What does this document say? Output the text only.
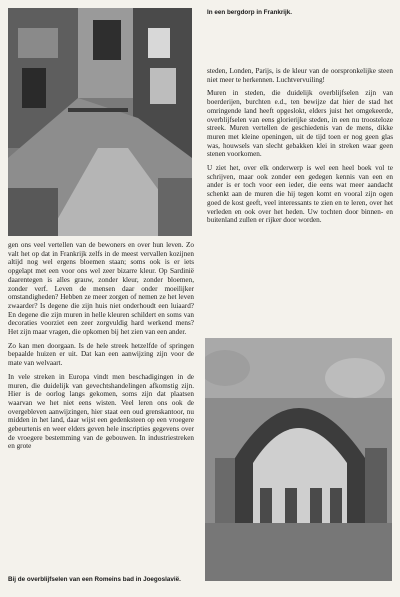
In een bergdorp in Frankrijk.

steden, Londen, Parijs, is de kleur van de oorspronkelijke steen niet meer te herkennen. Luchtvervuiling!

Muren in steden, die duidelijk overblijfselen zijn van boerderijen, burchten e.d., ten bewijze dat hier de stad het omringende land heeft opgeslokt, elders juist het omgekeerde, overblijfselen van eens glorierijke steden, in een nu troosteloze streek. Muren vertellen de geschiedenis van de mens, dikke muren met kleine openingen, uit de tijd toen er nog geen glas was, houwsels van slecht gebakken klei in streken waar geen stenen voorkomen.

U ziet het, over elk onderwerp is wel een heel boek vol te schrijven, maar ook zonder een gedegen kennis van een en ander is er toch voor een ieder, die eens wat meer aandacht schenkt aan de muren die hij tegen komt en vooral zijn ogen goed de kost geeft, veel interessants te zien en te leren, over het verleden en ook over het heden. Uw tochten door binnen- en buitenland zullen er rijker door worden.

gen ons veel vertellen van de bewoners en over hun leven. Zo valt het op dat in Frankrijk zelfs in de meest vervallen kozijnen altijd nog wel ergens bloemen staan; soms ook is er iets opgelapt met een voor ons wel zeer bizarre kleur. Op Sardinië daarentegen is alles grauw, zonder kleur, zonder bloemen, zonder verf. Leven de mensen daar onder moeilijker omstandigheden? Hebben ze meer zorgen of nemen ze het leven zwaarder? Is degene die zijn huis niet onderhoudt een luiaard? En degene die zijn muren in helle kleuren schildert en soms van decoraties voorziet een zeer zorgvuldig hard werkend mens? Het zijn maar vragen, die opkomen bij het zien van een ander.

Zo kan men doorgaan. Is de hele streek hetzelfde of springen bepaalde huizen er uit. Dat kan een aanwijzing zijn voor de mate van welvaart.

In vele streken in Europa vindt men beschadigingen in de muren, die duidelijk van gevechtshandelingen afkomstig zijn. Hier is de oorlog langs gekomen, soms zijn dat plaatsen waarvan we het niet eens wisten. Veel leren ons ook de overgebleven aanwijzingen, hier staat een oud grenskantoor, nu midden in het land, daar wijst een gedenksteen op een vroegere gebeurtenis en weer elders geven hele inscripties gegevens over de vroegere bestemming van de gebouwen. In industriestreken en grote

Bij de overblijfselen van een Romeins bad in Joegoslavië.
